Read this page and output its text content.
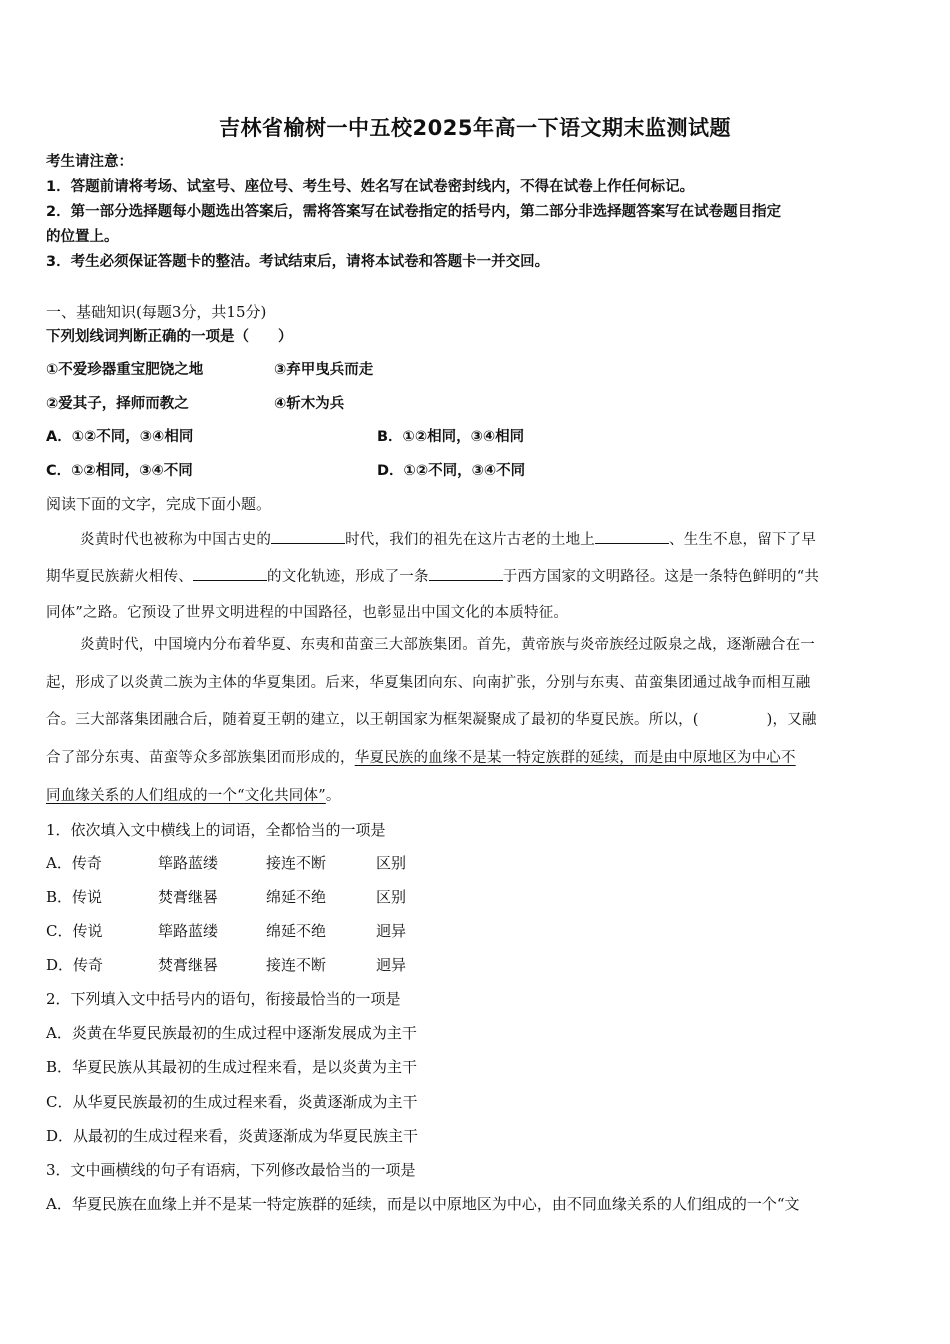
吉林省榆树一中五校2025年高一下语文期末监测试题
考生请注意：
1．答题前请将考场、试室号、座位号、考生号、姓名写在试卷密封线内，不得在试卷上作任何标记。
2．第一部分选择题每小题选出答案后，需将答案写在试卷指定的括号内，第二部分非选择题答案写在试卷题目指定
的位置上。
3．考生必须保证答题卡的整洁。考试结束后，请将本试卷和答题卡一并交回。
一、基础知识(每题3分，共15分)
下列划线词判断正确的一项是（　　）
①不爱珍器重宝肥饶之地	③弃甲曳兵而走
②爱其子，择师而教之	④斩木为兵
A．①②不同，③④相同	B．①②相同，③④相同
C．①②相同，③④不同	D．①②不同，③④不同
阅读下面的文字，完成下面小题。
炎黄时代也被称为中国古史的	时代，我们的祖先在这片古老的土地上	、生生不息，留下了早
期华夏民族薪火相传、	的文化轨迹，形成了一条	于西方国家的文明路径。这是一条特色鲜明的“共
同体”之路。它预设了世界文明进程的中国路径，也彰显出中国文化的本质特征。
炎黄时代，中国境内分布着华夏、东夷和苗蛮三大部族集团。首先，黄帝族与炎帝族经过阪泉之战，逐渐融合在一
起，形成了以炎黄二族为主体的华夏集团。后来，华夏集团向东、向南扩张，分别与东夷、苗蛮集团通过战争而相互融
合。三大部落集团融合后，随着夏王朝的建立，以王朝国家为框架凝聚成了最初的华夏民族。所以，(	)，又融
合了部分东夷、苗蛮等众多部族集团而形成的，华夏民族的血缘不是某一特定族群的延续，而是由中原地区为中心不
同血缘关系的人们组成的一个“文化共同体”。
1．依次填入文中横线上的词语，全都恰当的一项是
A．传奇	筚路蓝缕	接连不断	区别
B．传说	焚膏继晷	绵延不绝	区别
C．传说	筚路蓝缕	绵延不绝	迥异
D．传奇	焚膏继晷	接连不断	迥异
2．下列填入文中括号内的语句，衔接最恰当的一项是
A．炎黄在华夏民族最初的生成过程中逐渐发展成为主干
B．华夏民族从其最初的生成过程来看，是以炎黄为主干
C．从华夏民族最初的生成过程来看，炎黄逐渐成为主干
D．从最初的生成过程来看，炎黄逐渐成为华夏民族主干
3．文中画横线的句子有语病，下列修改最恰当的一项是
A．华夏民族在血缘上并不是某一特定族群的延续，而是以中原地区为中心，由不同血缘关系的人们组成的一个“文
